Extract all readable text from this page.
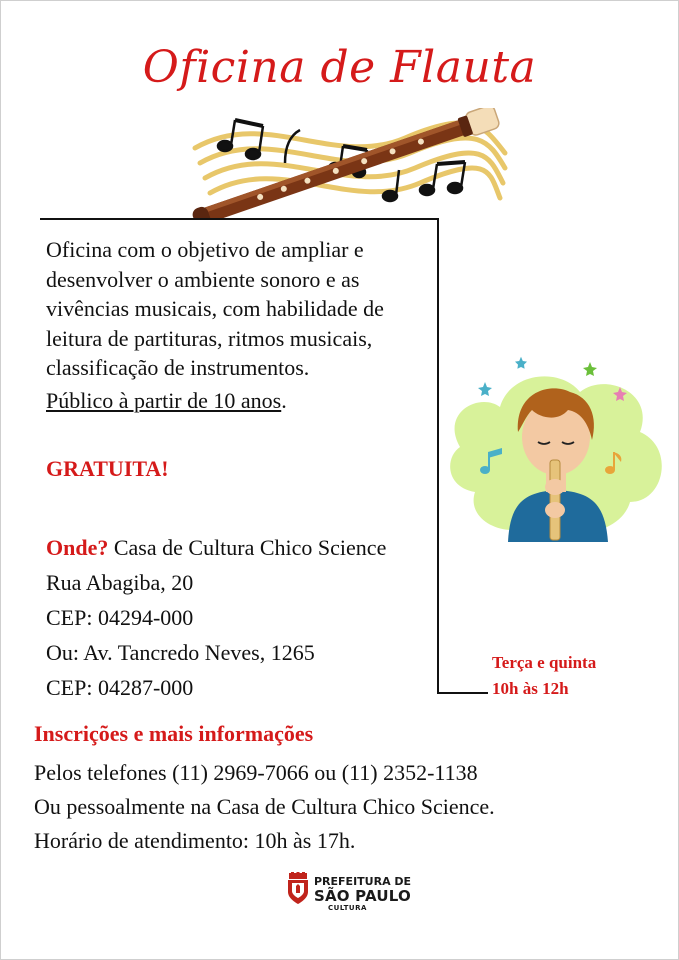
Oficina de Flauta

Oficina com o objetivo de ampliar e desenvolver o ambiente sonoro e as vivências musicais, com habilidade de leitura de partituras, ritmos musicais, classificação de instrumentos.

Público à partir de 10 anos.

GRATUITA!

Onde? Casa de Cultura Chico Science
Rua Abagiba, 20
CEP: 04294-000
Ou: Av. Tancredo Neves, 1265
CEP: 04287-000
Terça e quinta
10h às 12h

Inscrições e mais informações

Pelos telefones (11) 2969-7066 ou (11) 2352-1138
Ou pessoalmente na Casa de Cultura Chico Science.
Horário de atendimento: 10h às 17h.
PREFEITURA DE
SÃO PAULO
CULTURA
